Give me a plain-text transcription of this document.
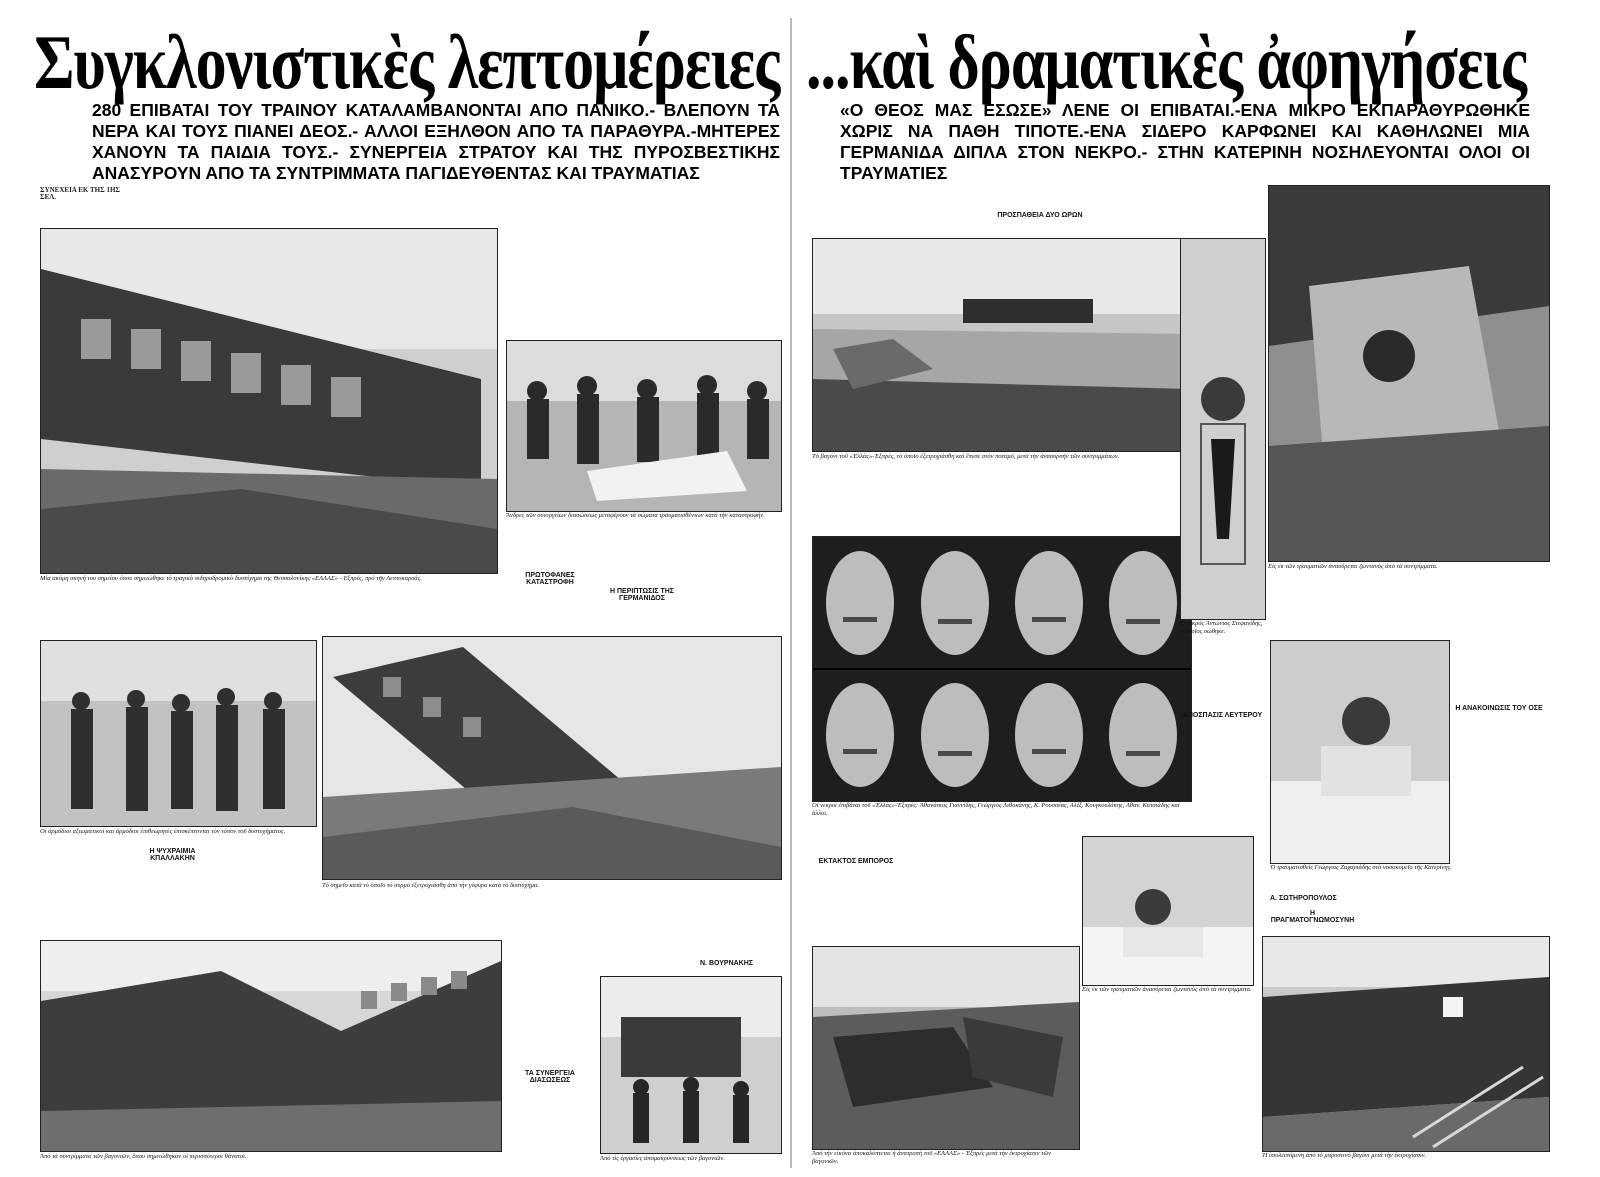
Συγκλονιστικὲς λεπτομέρειες ...καὶ δραματικὲς ἀφηγήσεις
280 ΕΠΙΒΑΤΑΙ ΤΟΥ ΤΡΑΙΝΟΥ ΚΑΤΑΛΑΜΒΑΝΟΝΤΑΙ ΑΠΟ ΠΑΝΙΚΟ.- ΒΛΕΠΟΥΝ ΤΑ ΝΕΡΑ ΚΑΙ ΤΟΥΣ ΠΙΑΝΕΙ ΔΕΟΣ.- ΑΛΛΟΙ ΕΞΗΛΘΟΝ ΑΠΟ ΤΑ ΠΑΡΑΘΥΡΑ.-ΜΗΤΕΡΕΣ ΧΑΝΟΥΝ ΤΑ ΠΑΙΔΙΑ ΤΟΥΣ.- ΣΥΝΕΡΓΕΙΑ ΣΤΡΑΤΟΥ ΚΑΙ ΤΗΣ ΠΥΡΟΣΒΕΣΤΙΚΗΣ ΑΝΑΣΥΡΟΥΝ ΑΠΟ ΤΑ ΣΥΝΤΡΙΜΜΑΤΑ ΠΑΓΙΔΕΥΘΕΝΤΑΣ ΚΑΙ ΤΡΑΥΜΑΤΙΑΣ
«Ο ΘΕΟΣ ΜΑΣ ΕΣΩΣΕ» ΛΕΝΕ ΟΙ ΕΠΙΒΑΤΑΙ.-ΕΝΑ ΜΙΚΡΟ ΕΚΠΑΡΑΘΥΡΩΘΗΚΕ ΧΩΡΙΣ ΝΑ ΠΑΘΗ ΤΙΠΟΤΕ.-ΕΝΑ ΣΙΔΕΡΟ ΚΑΡΦΩΝΕΙ ΚΑΙ ΚΑΘΗΛΩΝΕΙ ΜΙΑ ΓΕΡΜΑΝΙΔΑ ΔΙΠΛΑ ΣΤΟΝ ΝΕΚΡΟ.- ΣΤΗΝ ΚΑΤΕΡΙΝΗ ΝΟΣΗΛΕΥΟΝΤΑΙ ΟΛΟΙ ΟΙ ΤΡΑΥΜΑΤΙΕΣ
ΣΥΝΕΧΕΙΑ ΕΚ ΤΗΣ 1ΗΣ ΣΕΛ.
Μία ακόμη σκηνή του σημείου όπου σημειώθηκε τὸ τραγικὸ σιδηροδρομικὸ δυστύχημα της Θεσσαλονίκης «ΕΛΛΑΣ» - Εξπρές, πρὸ τῆν Λεπτοκαρυάς.
Ἄνδρες τῶν συνεργείων διασώσεως μεταφέρουν τὰ σώματα τραυματισθέντων κατὰ τὴν καταστροφήν.
Οἱ ἀρμόδιοι αξιωματικοί και ἁρμόδιοι ἐπιθεωρητὲς ἐπισκέπτονται τὸν τόπον τοῦ δυστυχήματος.
Η ΨΥΧΡΑΙΜΙΑ ΚΠΑΛΛΑΚΗΝ
ΠΡΩΤΟΦΑΝΕΣ ΚΑΤΑΣΤΡΟΦΗ
Η ΠΕΡΙΠΤΩΣΙΣ ΤΗΣ ΓΕΡΜΑΝΙΔΟΣ
Τὸ σημεῖο κατὰ τὸ ὁποῖο τὸ συρμὸ ἐξετροχιάσθη ἀπὸ τὴν γέφυρα κατὰ τὸ δυστύχημα.
ΤΑ ΣΥΝΕΡΓΕΙΑ ΔΙΑΣΩΣΕΩΣ
Ν. ΒΟΥΡΝΑΚΗΣ
Ἀπὸ τὰ συντρίμματα τῶν βαγονιῶν, ὅπου σημειώθηκαν οἱ περισσότεροι θάνατοι.	Ἀπὸ τὶς ἐργασίες ἀπομακρύνσεως τῶν βαγονιῶν.
ΠΡΟΣΠΑΘΕΙΑ ΔΥΟ ΩΡΩΝ
Τὸ βαγόνι τοῦ «Ἑλλὰς»-Ἐξπρές, τὸ ὁποῖο ἐξετροχιάσθη καὶ ἔπεσε στὸν ποταμό, μετὰ τὴν ἀνασυρσὴν τῶν συντριμμάτων.
Οἱ νεκροὶ ἐπιβάται τοῦ «Ἑλλὰς»-Ἐξπρές: Ἀθανάσιος Γιαννίδης, Γεώργιος Λιθοκάνης, Κ. Ρουσσέας, Αλέξ. Κουγκουλάκης, Αθαν. Κατσιάδης καὶ ἄλλοι.
ΕΚΤΑΚΤΟΣ ΕΜΠΟΡΟΣ
Ἀπὸ τὴν εἰκόνα ἀποκαλύπτεται ἡ ἀνατροπὴ τοῦ «ΕΛΛΑΣ» - Ἐξπρές μετὰ τὴν ἐκτροχίασιν τῶν βαγονιῶν.
Εἰς ἐκ τῶν τραυματιῶν ἀνασύρεται ζωντανὸς ἀπὸ τὰ συντρίμματα.
Ὁ μικρὸς Ἀντώνιος Στεφανίδης, ὁ ὁποῖος σώθηκε.
Εἰς ἐκ τῶν τραυματιῶν ἀνασύρεται ζωντανὸς ἀπὸ τὰ συντρίμματα.
Η ΑΝΑΚΟΙΝΩΣΙΣ ΤΟΥ ΟΣΕ
ΑΠΟΣΠΑΣΙΣ ΛΕΥΤΕΡΟΥ
Ὁ τραυματισθεὶς Γεώργιος Ζαχαριάδης στὸ νοσοκομεῖο τῆς Κατερίνης.
Α. ΣΩΤΗΡΟΠΟΥΛΟΣ
Η ΠΡΑΓΜΑΤΟΓΝΩΜΟΣΥΝΗ
Ἡ ὑπολειπόμενη ἀπὸ τὸ μπροστινὸ βαγόνι μετὰ τὴν ἐκτροχίασιν.
